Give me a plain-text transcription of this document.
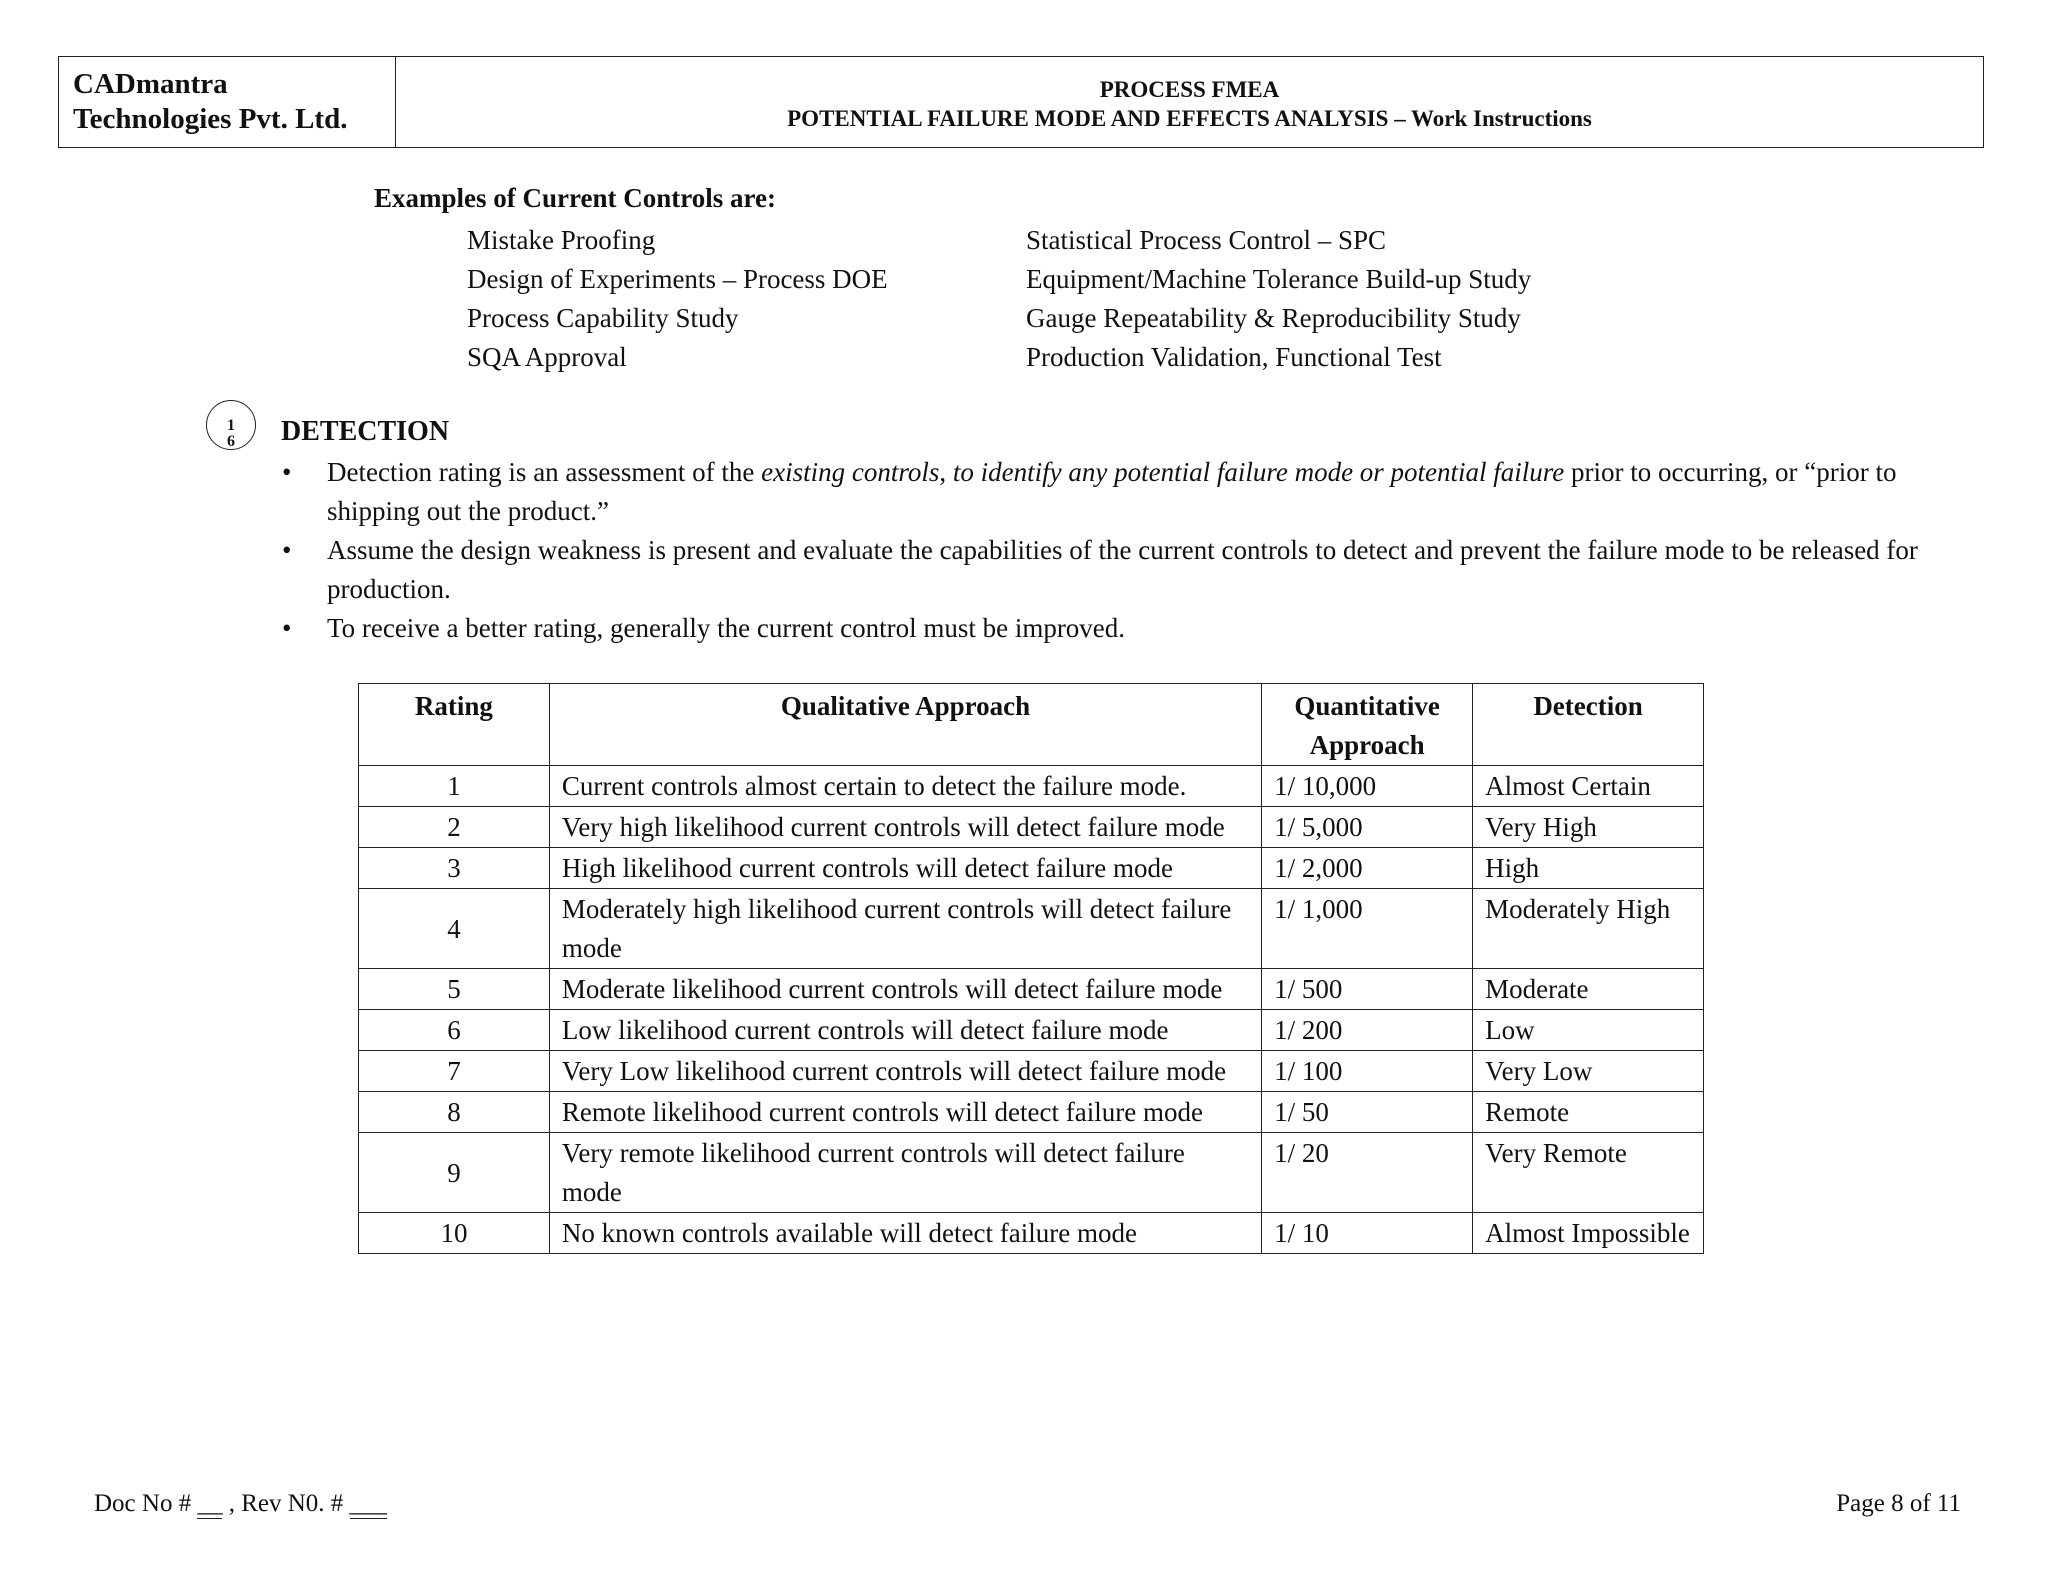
CADmantra
Technologies Pvt. Ltd.
PROCESS FMEA
POTENTIAL FAILURE MODE AND EFFECTS ANALYSIS – Work Instructions
Examples of Current Controls are:
Mistake Proofing
Design of Experiments – Process DOE
Process Capability Study
SQA Approval
Statistical Process Control – SPC
Equipment/Machine Tolerance Build-up Study
Gauge Repeatability & Reproducibility Study
Production Validation, Functional Test
1
6	DETECTION
•	Detection rating is an assessment of the existing controls, to identify any potential failure mode or potential failure prior to occurring, or “prior to shipping out the product.”
•	Assume the design weakness is present and evaluate the capabilities of the current controls to detect and prevent the failure mode to be released for production.
•	To receive a better rating, generally the current control must be improved.
Rating	Qualitative Approach	Quantitative Approach	Detection
1	Current controls almost certain to detect the failure mode.	1/ 10,000	Almost Certain
2	Very high likelihood current controls will detect failure mode	1/ 5,000	Very High
3	High likelihood current controls will detect failure mode	1/ 2,000	High
4	Moderately high likelihood current controls will detect failure mode	1/ 1,000	Moderately High
5	Moderate likelihood current controls will detect failure mode	1/ 500	Moderate
6	Low likelihood current controls will detect failure mode	1/ 200	Low
7	Very Low likelihood current controls will detect failure mode	1/ 100	Very Low
8	Remote likelihood current controls will detect failure mode	1/ 50	Remote
9	Very remote likelihood current controls will detect failure mode	1/ 20	Very Remote
10	No known controls available will detect failure mode	1/ 10	Almost Impossible
Doc No # __ , Rev N0. # ___	Page 8 of 11
